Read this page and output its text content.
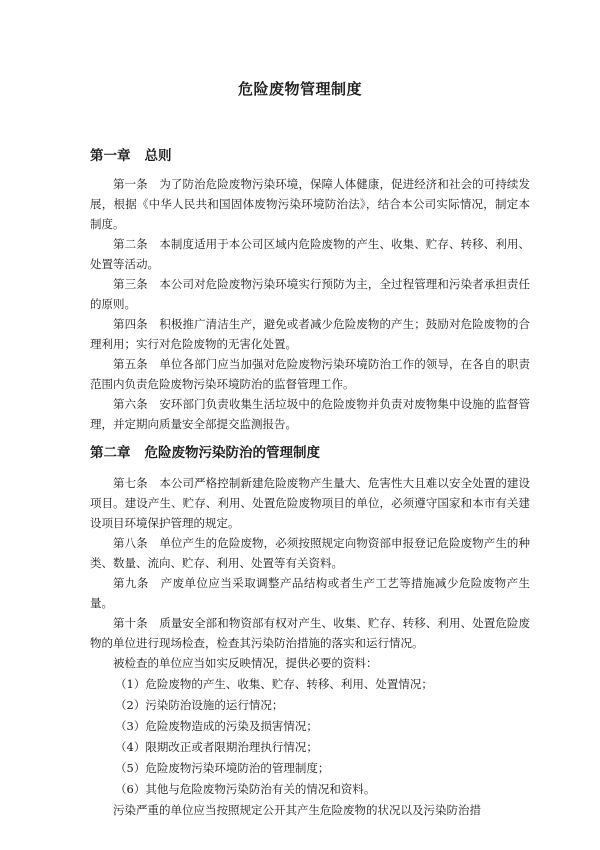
危险废物管理制度
第一章 总则

第一条　为了防治危险废物污染环境，保障人体健康，促进经济和社会的可持续发展，根据《中华人民共和国固体废物污染环境防治法》，结合本公司实际情况，制定本制度。

第二条　本制度适用于本公司区域内危险废物的产生、收集、贮存、转移、利用、处置等活动。

第三条　本公司对危险废物污染环境实行预防为主，全过程管理和污染者承担责任的原则。

第四条　积极推广清洁生产，避免或者减少危险废物的产生；鼓励对危险废物的合理利用；实行对危险废物的无害化处置。

第五条　单位各部门应当加强对危险废物污染环境防治工作的领导，在各自的职责范围内负责危险废物污染环境防治的监督管理工作。

第六条　安环部门负责收集生活垃圾中的危险废物并负责对废物集中设施的监督管理，并定期向质量安全部提交监测报告。

第二章 危险废物污染防治的管理制度

第七条　本公司严格控制新建危险废物产生量大、危害性大且难以安全处置的建设项目。建设产生、贮存、利用、处置危险废物项目的单位，必须遵守国家和本市有关建设项目环境保护管理的规定。

第八条　单位产生的危险废物，必须按照规定向物资部申报登记危险废物产生的种类、数量、流向、贮存、利用、处置等有关资料。

第九条　产废单位应当采取调整产品结构或者生产工艺等措施减少危险废物产生量。

第十条　质量安全部和物资部有权对产生、收集、贮存、转移、利用、处置危险废物的单位进行现场检查，检查其污染防治措施的落实和运行情况。

被检查的单位应当如实反映情况，提供必要的资料：

（1）危险废物的产生、收集、贮存、转移、利用、处置情况；

（2）污染防治设施的运行情况；

（3）危险废物造成的污染及损害情况；

（4）限期改正或者限期治理执行情况；

（5）危险废物污染环境防治的管理制度；

（6）其他与危险废物污染防治有关的情况和资料。

污染严重的单位应当按照规定公开其产生危险废物的状况以及污染防治措
